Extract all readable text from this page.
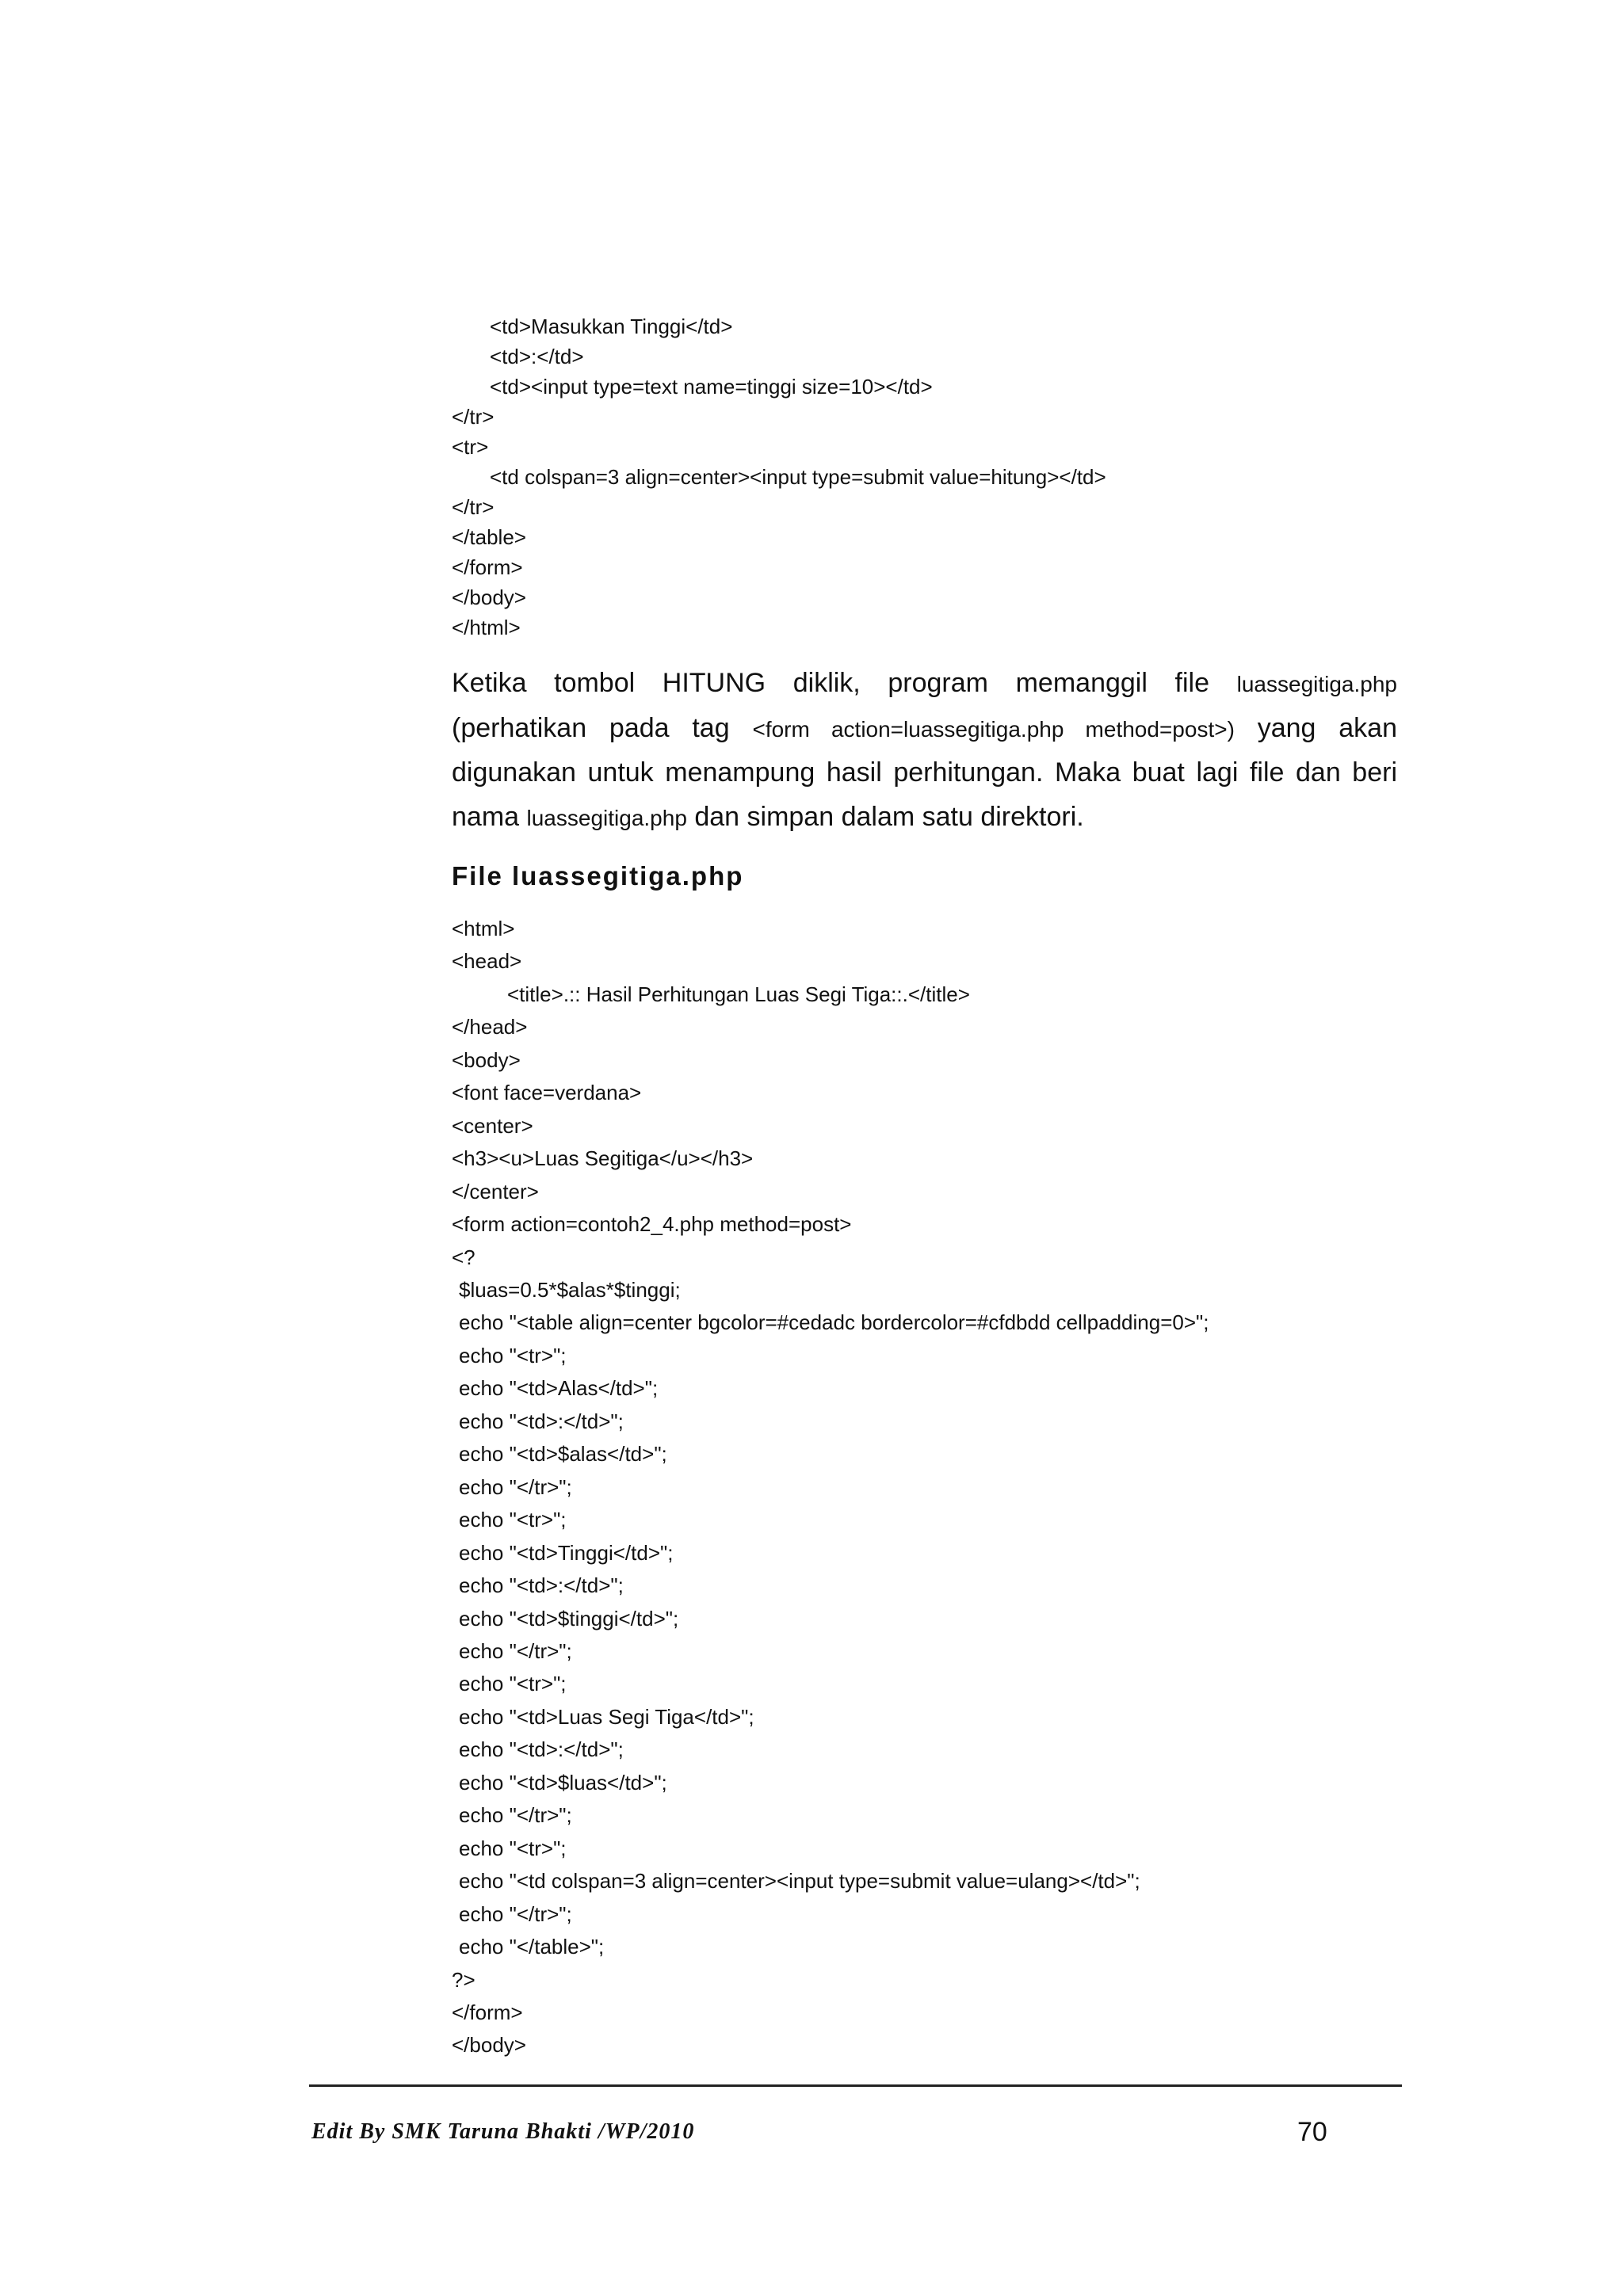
<td>Masukkan Tinggi</td>
<td>:</td>
<td><input type=text name=tinggi size=10></td>
</tr>
<tr>
<td colspan=3 align=center><input type=submit value=hitung></td>
</tr>
</table>
</form>
</body>
</html>
Ketika tombol HITUNG diklik, program memanggil file luassegitiga.php
(perhatikan pada tag <form action=luassegitiga.php method=post>) yang akan
digunakan untuk menampung hasil perhitungan. Maka buat lagi file dan beri
nama luassegitiga.php dan simpan dalam satu direktori.
File luassegitiga.php
<html>
<head>
<title>.:: Hasil Perhitungan Luas Segi Tiga::.</title>
</head>
<body>
<font face=verdana>
<center>
<h3><u>Luas Segitiga</u></h3>
</center>
<form action=contoh2_4.php method=post>
<?
$luas=0.5*$alas*$tinggi;
echo "<table align=center bgcolor=#cedadc bordercolor=#cfdbdd cellpadding=0>";
echo "<tr>";
echo "<td>Alas</td>";
echo "<td>:</td>";
echo "<td>$alas</td>";
echo "</tr>";
echo "<tr>";
echo "<td>Tinggi</td>";
echo "<td>:</td>";
echo "<td>$tinggi</td>";
echo "</tr>";
echo "<tr>";
echo "<td>Luas Segi Tiga</td>";
echo "<td>:</td>";
echo "<td>$luas</td>";
echo "</tr>";
echo "<tr>";
echo "<td colspan=3 align=center><input type=submit value=ulang></td>";
echo "</tr>";
echo "</table>";
?>
</form>
</body>
Edit By SMK Taruna Bhakti /WP/2010	70
